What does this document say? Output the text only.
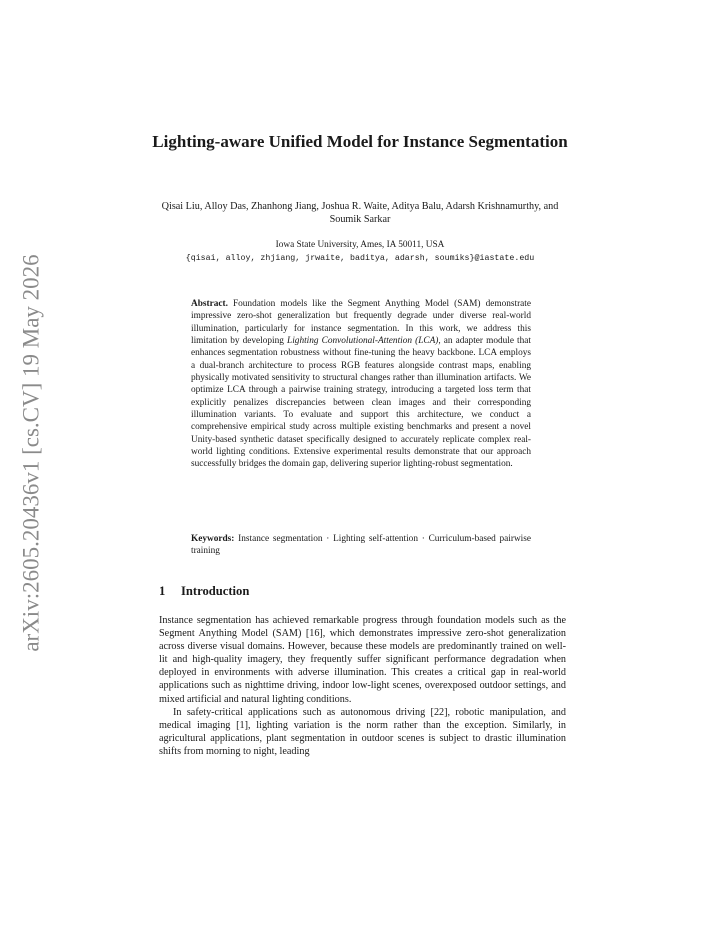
arXiv:2605.20436v1 [cs.CV] 19 May 2026
Lighting-aware Unified Model for Instance Segmentation
Qisai Liu, Alloy Das, Zhanhong Jiang, Joshua R. Waite, Aditya Balu, Adarsh Krishnamurthy, and Soumik Sarkar
Iowa State University, Ames, IA 50011, USA
{qisai, alloy, zhjiang, jrwaite, baditya, adarsh, soumiks}@iastate.edu
Abstract. Foundation models like the Segment Anything Model (SAM) demonstrate impressive zero-shot generalization but frequently degrade under diverse real-world illumination, particularly for instance segmentation. In this work, we address this limitation by developing Lighting Convolutional-Attention (LCA), an adapter module that enhances segmentation robustness without fine-tuning the heavy backbone. LCA employs a dual-branch architecture to process RGB features alongside contrast maps, enabling physically motivated sensitivity to structural changes rather than illumination artifacts. We optimize LCA through a pairwise training strategy, introducing a targeted loss term that explicitly penalizes discrepancies between clean images and their corresponding illumination variants. To evaluate and support this architecture, we conduct a comprehensive empirical study across multiple existing benchmarks and present a novel Unity-based synthetic dataset specifically designed to accurately replicate complex real-world lighting conditions. Extensive experimental results demonstrate that our approach successfully bridges the domain gap, delivering superior lighting-robust segmentation.
Keywords: Instance segmentation · Lighting self-attention · Curriculum-based pairwise training
1 Introduction

Instance segmentation has achieved remarkable progress through foundation models such as the Segment Anything Model (SAM) [16], which demonstrates impressive zero-shot generalization across diverse visual domains. However, because these models are predominantly trained on well-lit and high-quality imagery, they frequently suffer significant performance degradation when deployed in environments with adverse illumination. This creates a critical gap in real-world applications such as nighttime driving, indoor low-light scenes, overexposed outdoor settings, and mixed artificial and natural lighting conditions.

In safety-critical applications such as autonomous driving [22], robotic manipulation, and medical imaging [1], lighting variation is the norm rather than the exception. Similarly, in agricultural applications, plant segmentation in outdoor scenes is subject to drastic illumination shifts from morning to night, leading
